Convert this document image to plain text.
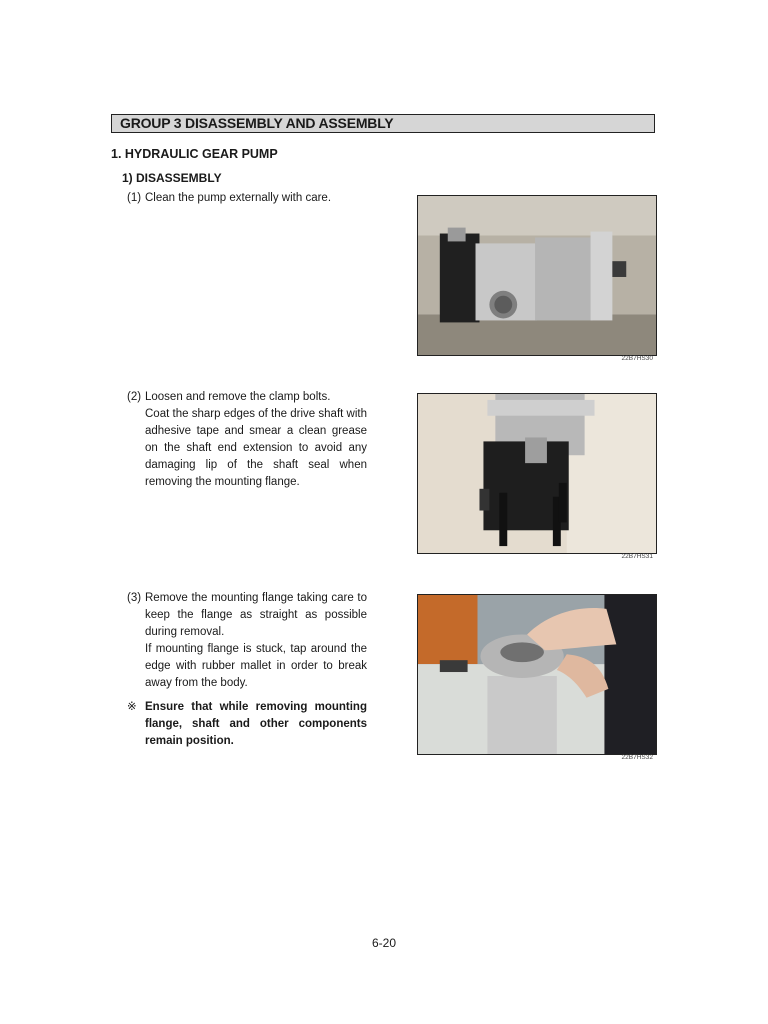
GROUP 3 DISASSEMBLY AND ASSEMBLY
1. HYDRAULIC GEAR PUMP
1) DISASSEMBLY
(1) Clean the pump externally with care.

22B7HS30
(2) Loosen and remove the clamp bolts.

Coat the sharp edges of the drive shaft with adhesive tape and smear a clean grease on the shaft end extension to avoid any damaging lip of the shaft seal when removing the mounting flange.

22B7HS31
(3) Remove the mounting flange taking care to keep the flange as straight as possible during removal.

If mounting flange is stuck, tap around the edge with rubber mallet in order to break away from the body.

※ Ensure that while removing mounting flange, shaft and other components remain position.
22B7HS32
6-20
